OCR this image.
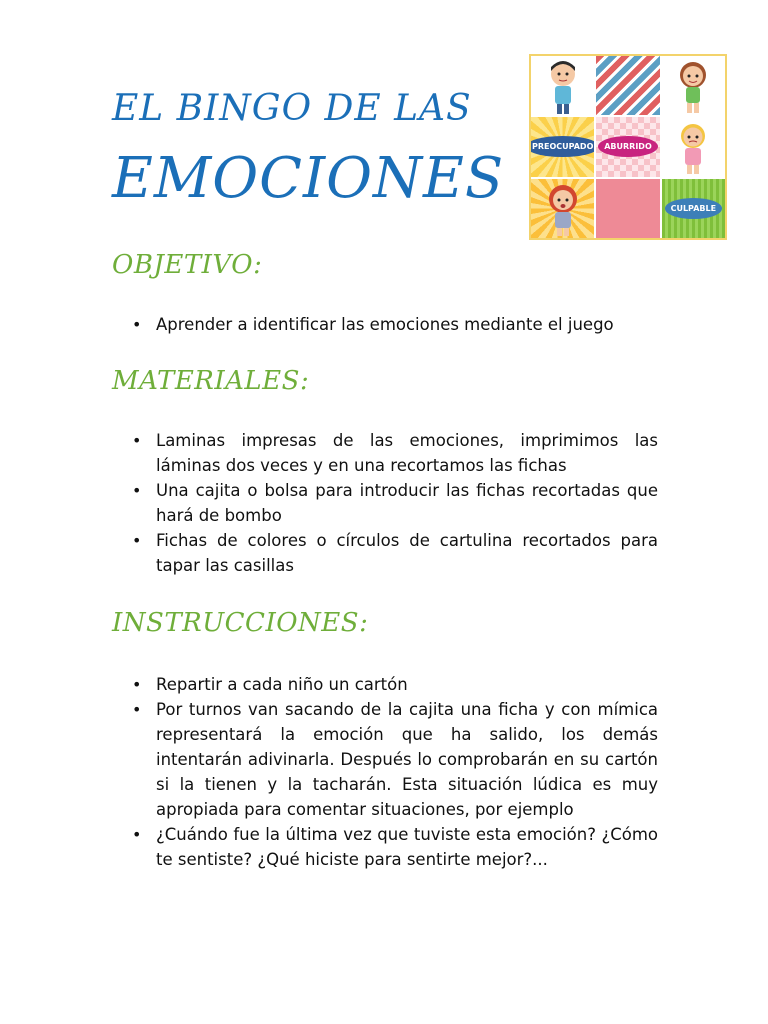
EL BINGO DE LAS
EMOCIONES	PREOCUPADO	ABURRIDO
CULPABLE
OBJETIVO:
• Aprender a identificar las emociones mediante el juego
MATERIALES:
• Laminas impresas de las emociones, imprimimos las láminas dos veces y en una recortamos las fichas
• Una cajita o bolsa para introducir las fichas recortadas que hará de bombo
• Fichas de colores o círculos de cartulina recortados para tapar las casillas
INSTRUCCIONES:
• Repartir a cada niño un cartón
• Por turnos van sacando de la cajita una ficha y con mímica representará la emoción que ha salido, los demás intentarán adivinarla. Después lo comprobarán en su cartón si la tienen y la tacharán. Esta situación lúdica es muy apropiada para comentar situaciones, por ejemplo
• ¿Cuándo fue la última vez que tuviste esta emoción? ¿Cómo te sentiste? ¿Qué hiciste para sentirte mejor?...
